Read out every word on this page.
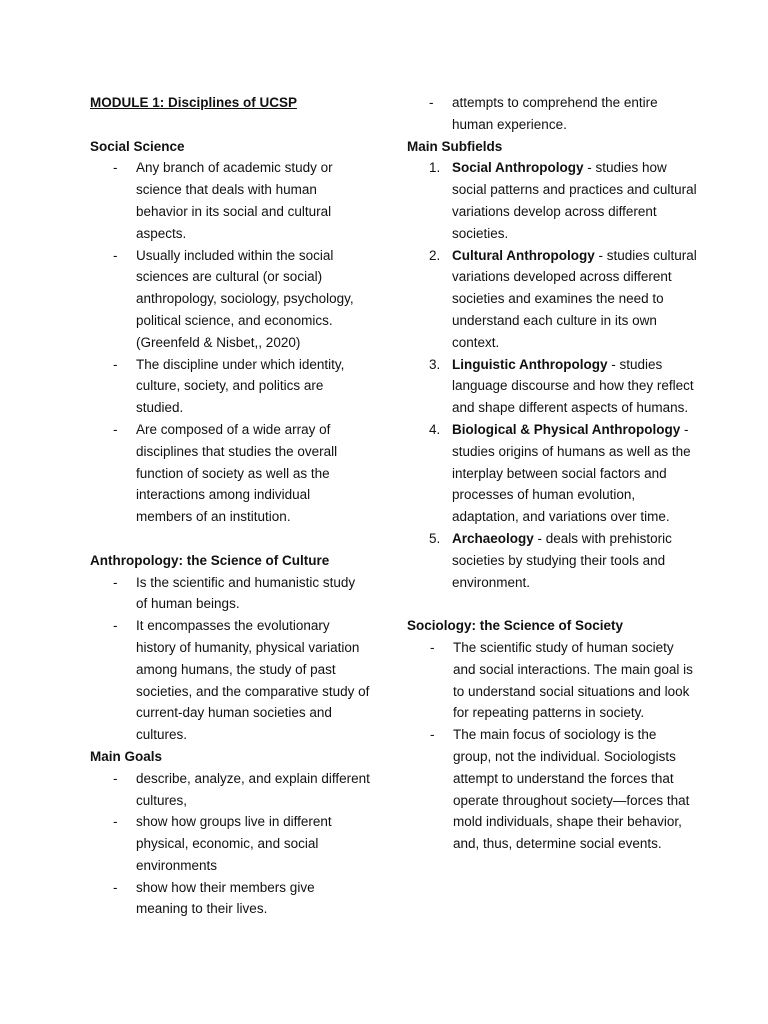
MODULE 1: Disciplines of UCSP
Social Science
- Any branch of academic study or science that deals with human behavior in its social and cultural aspects.
- Usually included within the social sciences are cultural (or social) anthropology, sociology, psychology, political science, and economics. (Greenfeld & Nisbet,, 2020)
- The discipline under which identity, culture, society, and politics are studied.
- Are composed of a wide array of disciplines that studies the overall function of society as well as the interactions among individual members of an institution.
Anthropology: the Science of Culture
- Is the scientific and humanistic study of human beings.
- It encompasses the evolutionary history of humanity, physical variation among humans, the study of past societies, and the comparative study of current-day human societies and cultures.
Main Goals
- describe, analyze, and explain different cultures,
- show how groups live in different physical, economic, and social environments
- show how their members give meaning to their lives.
- attempts to comprehend the entire human experience.
Main Subfields
1. Social Anthropology - studies how social patterns and practices and cultural variations develop across different societies.
2. Cultural Anthropology - studies cultural variations developed across different societies and examines the need to understand each culture in its own context.
3. Linguistic Anthropology - studies language discourse and how they reflect and shape different aspects of humans.
4. Biological & Physical Anthropology - studies origins of humans as well as the interplay between social factors and processes of human evolution, adaptation, and variations over time.
5. Archaeology - deals with prehistoric societies by studying their tools and environment.
Sociology: the Science of Society
- The scientific study of human society and social interactions. The main goal is to understand social situations and look for repeating patterns in society.
- The main focus of sociology is the group, not the individual. Sociologists attempt to understand the forces that operate throughout society—forces that mold individuals, shape their behavior, and, thus, determine social events.
